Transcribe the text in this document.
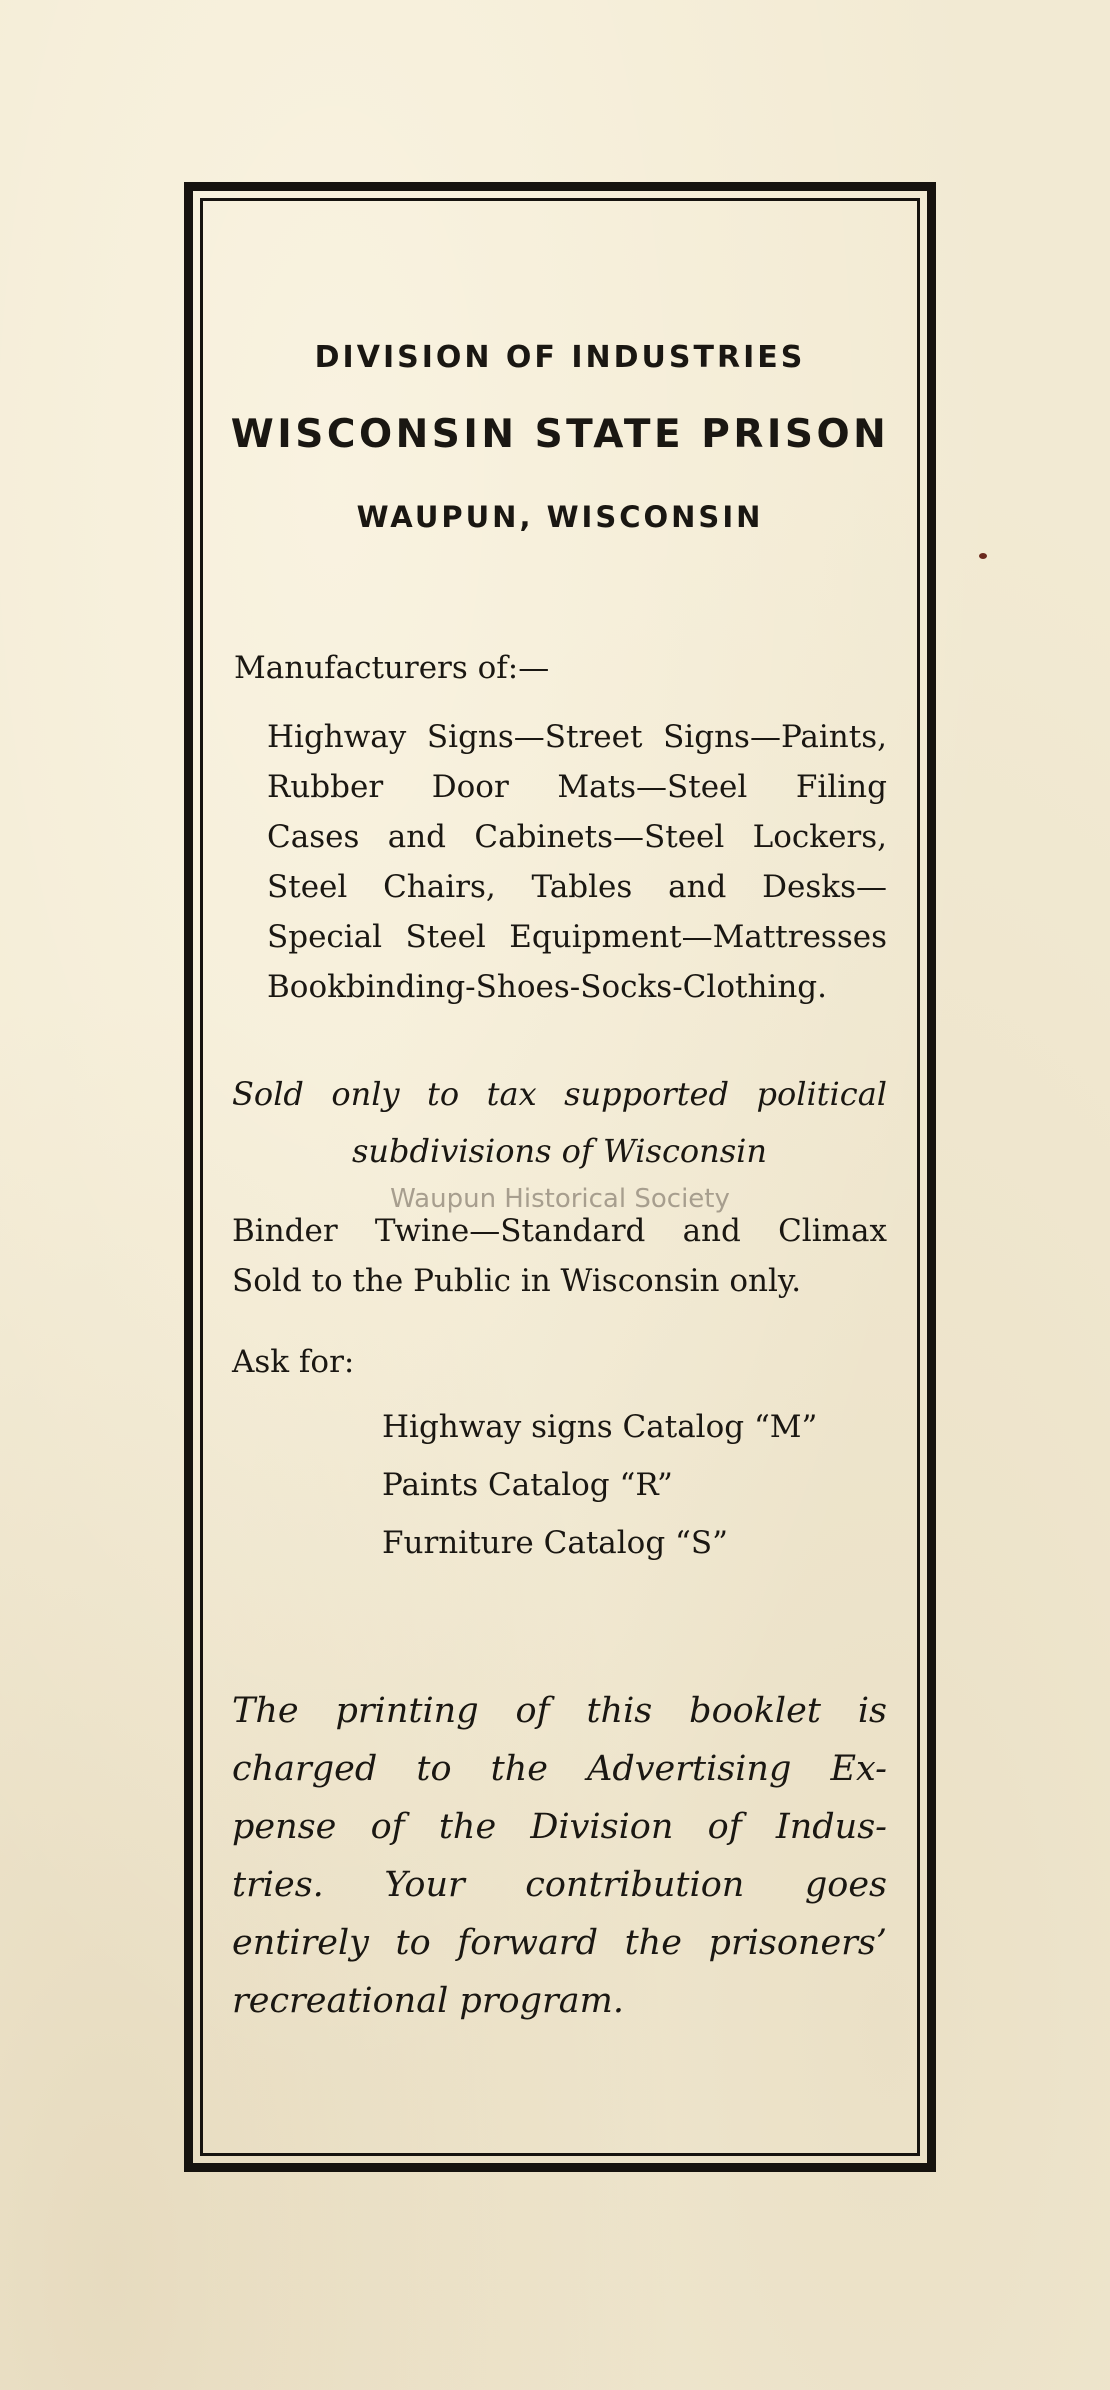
DIVISION OF INDUSTRIES
WISCONSIN STATE PRISON
WAUPUN, WISCONSIN
Manufacturers of:—
Highway Signs—Street Signs—Paints,
Rubber Door Mats—Steel Filing
Cases and Cabinets—Steel Lockers,
Steel Chairs, Tables and Desks—
Special Steel Equipment—Mattresses
Bookbinding-Shoes-Socks-Clothing.
Sold only to tax supported political
subdivisions of Wisconsin
Waupun Historical Society
Binder Twine—Standard and Climax
Sold to the Public in Wisconsin only.
Ask for:
Highway signs Catalog “M”
Paints Catalog “R”
Furniture Catalog “S”
The printing of this booklet is
charged to the Advertising Ex-
pense of the Division of Indus-
tries. Your contribution goes
entirely to forward the prisoners’
recreational program.
